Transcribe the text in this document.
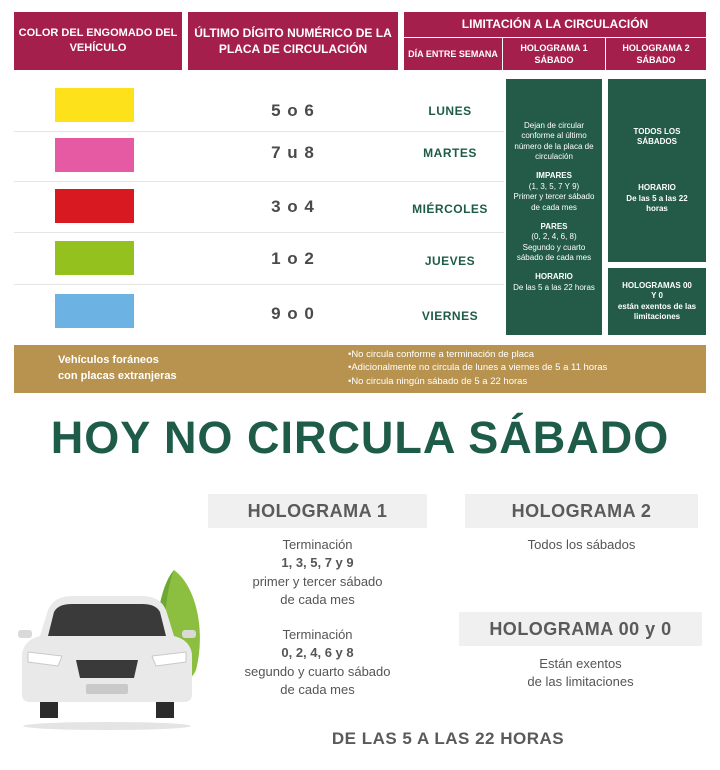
COLOR DEL ENGOMADO DEL VEHÍCULO
ÚLTIMO DÍGITO NUMÉRICO DE LA PLACA DE CIRCULACIÓN
LIMITACIÓN A LA CIRCULACIÓN
DÍA ENTRE SEMANA
HOLOGRAMA 1 SÁBADO
HOLOGRAMA 2 SÁBADO
5 o 6	LUNES
7 u 8	MARTES
3 o 4	MIÉRCOLES
1 o 2	JUEVES
9 o 0	VIERNES
Dejan de circular conforme al último número de la placa de circulación
IMPARES
(1, 3, 5, 7 Y 9)
Primer y tercer sábado de cada mes
PARES
(0, 2, 4, 6, 8)
Segundo y cuarto sábado de cada mes
HORARIO
De las 5 a las 22 horas
TODOS LOS SÁBADOS
HORARIO
De las 5 a las 22 horas
HOLOGRAMAS 00 Y 0
están exentos de las limitaciones
Vehículos foráneos
con placas extranjeras
•No circula conforme a terminación de placa
•Adicionalmente no circula de lunes a viernes de 5 a 11 horas
•No circula ningún sábado de 5 a 22 horas
HOY NO CIRCULA SÁBADO
HOLOGRAMA 1	HOLOGRAMA 2
HOLOGRAMA 00 y 0
Terminación
1, 3, 5, 7 y 9
primer y tercer sábado
de cada mes
Terminación
0, 2, 4, 6 y 8
segundo y cuarto sábado
de cada mes
Todos los sábados
Están exentos
de las limitaciones
DE LAS 5 A LAS 22 HORAS
